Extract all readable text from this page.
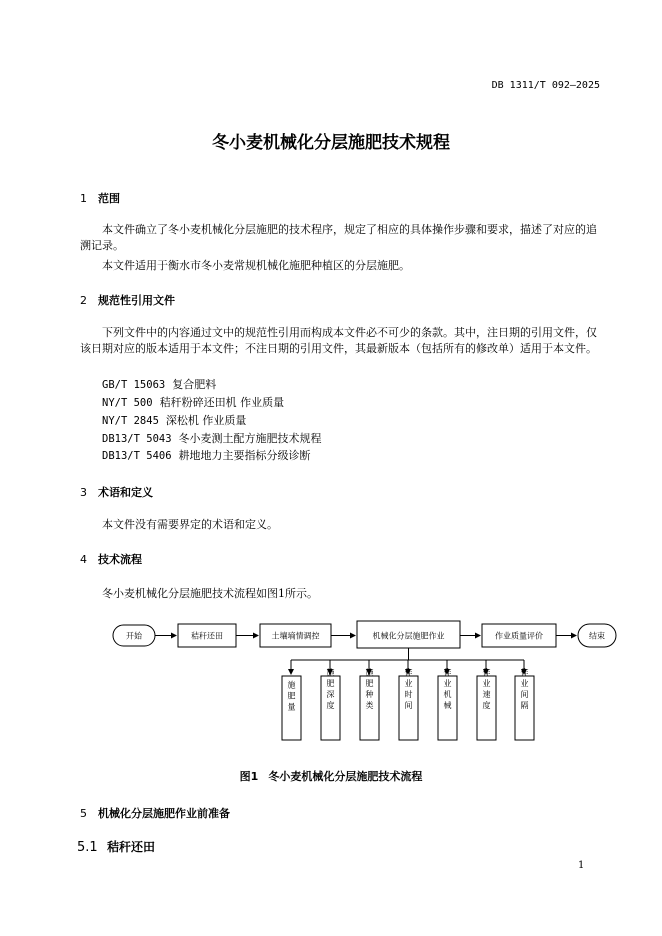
DB 1311/T 092—2025
冬小麦机械化分层施肥技术规程
1 范围

本文件确立了冬小麦机械化分层施肥的技术程序，规定了相应的具体操作步骤和要求，描述了对应的追溯记录。

本文件适用于衡水市冬小麦常规机械化施肥种植区的分层施肥。

2 规范性引用文件

下列文件中的内容通过文中的规范性引用而构成本文件必不可少的条款。其中，注日期的引用文件，仅该日期对应的版本适用于本文件；不注日期的引用文件，其最新版本（包括所有的修改单）适用于本文件。

GB/T 15063 复合肥料
NY/T 500 秸秆粉碎还田机 作业质量
NY/T 2845 深松机 作业质量
DB13/T 5043 冬小麦测土配方施肥技术规程
DB13/T 5406 耕地地力主要指标分级诊断
3 术语和定义

本文件没有需要界定的术语和定义。

4 技术流程

冬小麦机械化分层施肥技术流程如图1所示。

开始	秸秆还田	土壤墒情调控	机械化分层施肥作业	作业质量评价	结束
施肥量	施肥深度	施肥种类	作业时间	作业机械	作业速度	作业间隔
图1 冬小麦机械化分层施肥技术流程
5 机械化分层施肥作业前准备
5.1 秸秆还田
1
